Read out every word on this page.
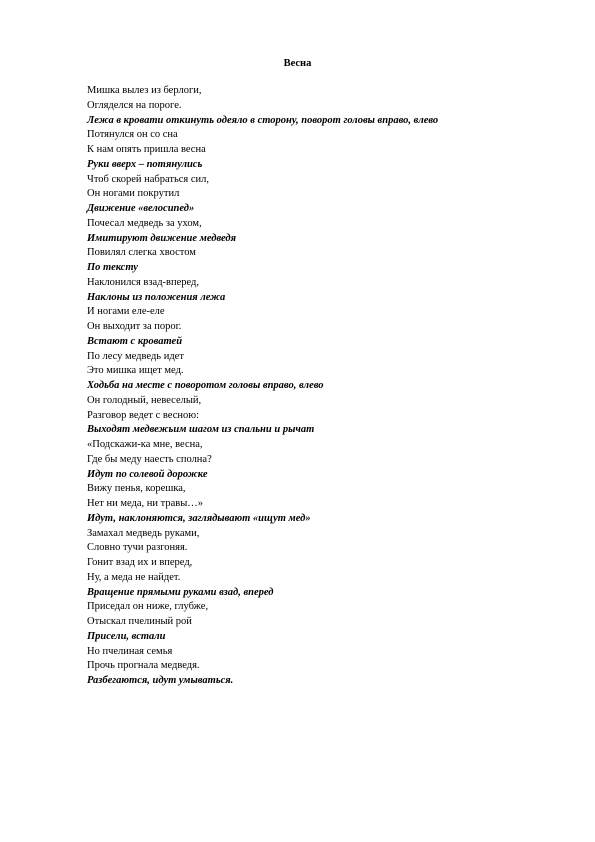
Весна
Мишка вылез из берлоги,
Огляделся на пороге.
Лежа в кровати откинуть одеяло в сторону, поворот головы вправо, влево
Потянулся он со сна
К нам опять пришла весна
Руки вверх – потянулись
Чтоб скорей набраться сил,
Он ногами покрутил
Движение «велосипед»
Почесал медведь за ухом,
Имитируют движение медведя
Повилял слегка хвостом
По тексту
Наклонился взад-вперед,
Наклоны из положения лежа
И ногами еле-еле
Он выходит за порог.
Встают с кроватей
По лесу медведь идет
Это мишка ищет мед.
Ходьба на месте с поворотом головы вправо, влево
Он голодный, невеселый,
Разговор ведет с весною:
Выходят медвежьим шагом из спальни и рычат
«Подскажи-ка мне, весна,
Где бы меду наесть сполна?
Идут по солевой дорожке
Вижу пенья, корешка,
Нет ни меда, ни травы…»
Идут, наклоняются, заглядывают «ищут мед»
Замахал медведь руками,
Словно тучи разгоняя.
Гонит взад их и вперед,
Ну, а меда не найдет.
Вращение прямыми руками взад, вперед
Приседал он ниже, глубже,
Отыскал пчелиный рой
Присели, встали
Но пчелиная семья
Прочь прогнала медведя.
Разбегаются, идут умываться.
